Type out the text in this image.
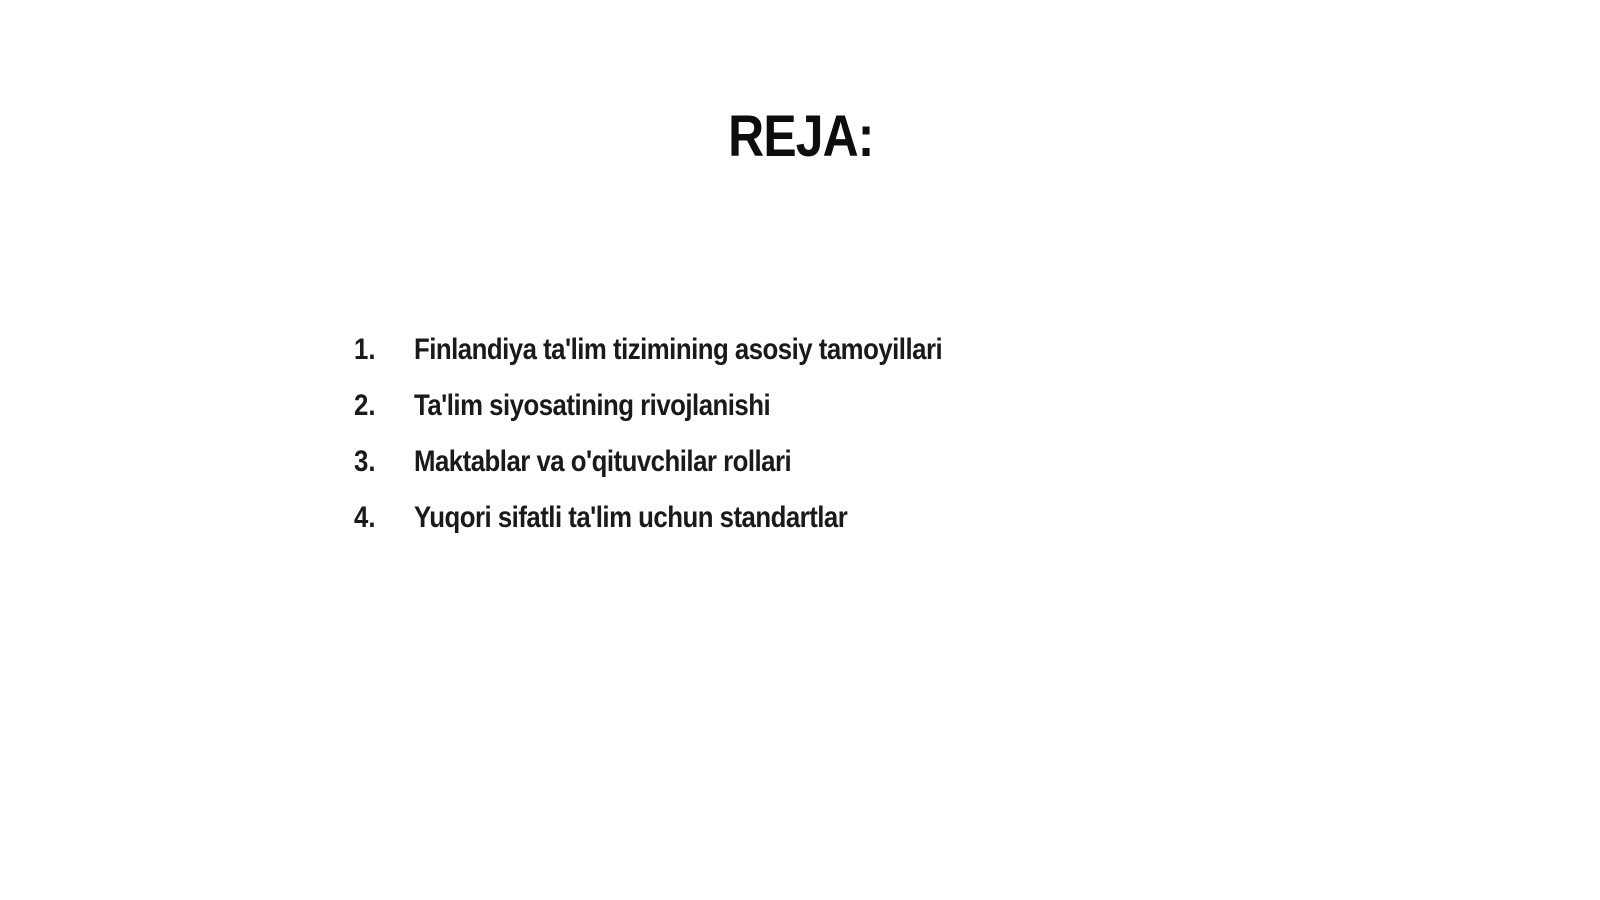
REJA:
1.	Finlandiya ta'lim tizimining asosiy tamoyillari
2.	Ta'lim siyosatining rivojlanishi
3.	Maktablar va o'qituvchilar rollari
4.	Yuqori sifatli ta'lim uchun standartlar
